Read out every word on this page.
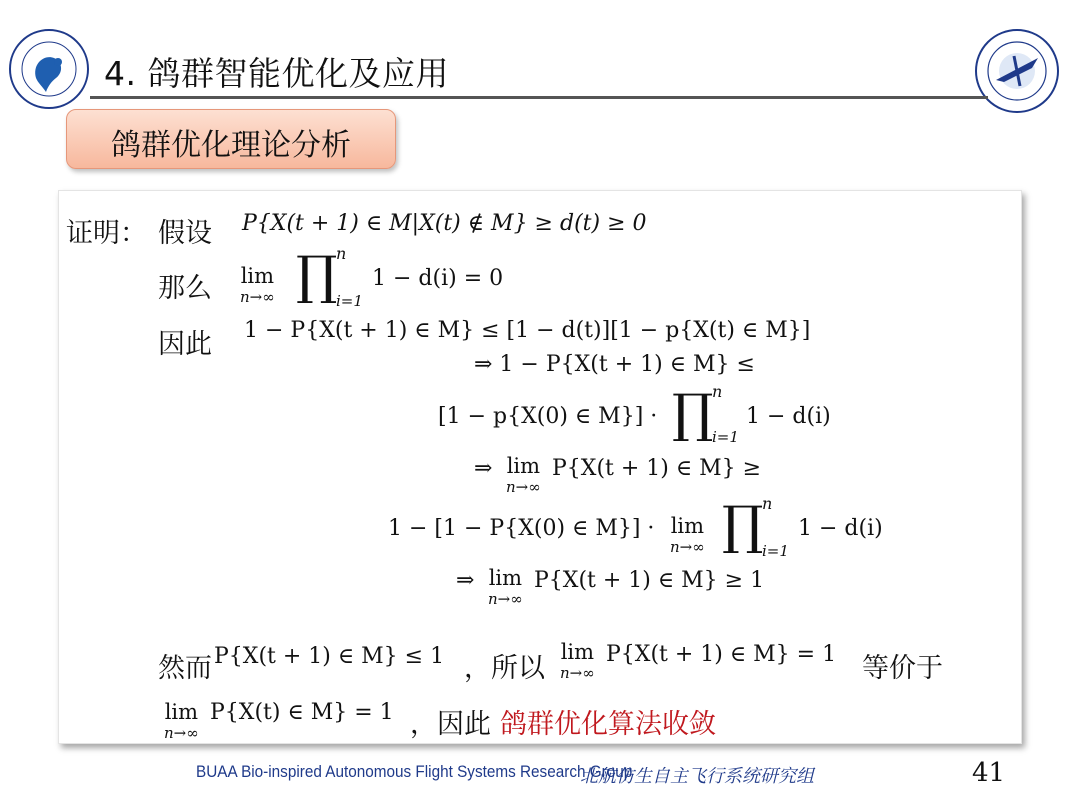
4. 鸽群智能优化及应用
鸽群优化理论分析
证明： 假设 P{X(t + 1) ∈ M|X(t) ∉ M} ≥ d(t) ≥ 0
那么 lim
n→∞ ∏
n
i=1
1 − d(i) = 0
因此 1 − P{X(t + 1) ∈ M} ≤ [1 − d(t)][1 − p{X(t) ∈ M}]
⇒ 1 − P{X(t + 1) ∈ M} ≤
[1 − p{X(0) ∈ M}] · ∏
n
i=1
1 − d(i)
⇒ lim
n→∞
P{X(t + 1) ∈ M} ≥
1 − [1 − P{X(0) ∈ M}] · lim
n→∞ ∏
n
i=1
1 − d(i)
⇒ lim
n→∞
P{X(t + 1) ∈ M} ≥ 1
然而 P{X(t + 1) ∈ M} ≤ 1 ，所以
lim
n→∞
P{X(t + 1) ∈ M} = 1 等价于
lim
n→∞
P{X(t) ∈ M} = 1 ，因此 鸽群优化算法收敛
BUAA Bio-inspired Autonomous Flight Systems Research Group
北航仿生自主飞行系统研究组	41
